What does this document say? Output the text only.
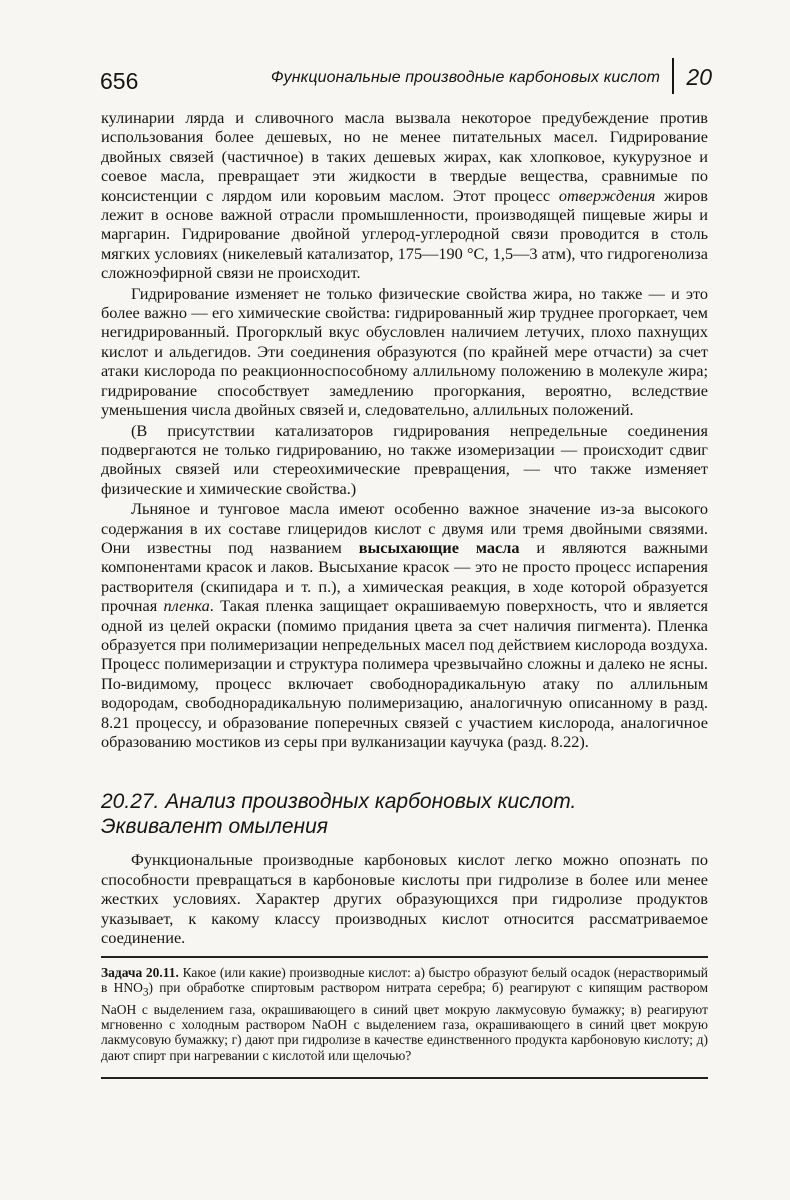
656	Функциональные производные карбоновых кислот 20

кулинарии лярда и сливочного масла вызвала некоторое предубеждение против использования более дешевых, но не менее питательных масел. Гидрирование двойных связей (частичное) в таких дешевых жирах, как хлопковое, кукурузное и соевое масла, превращает эти жидкости в твердые вещества, сравнимые по консистенции с лярдом или коровьим маслом. Этот процесс отверждения жиров лежит в основе важной отрасли промышленности, производящей пищевые жиры и маргарин. Гидрирование двойной углерод-углеродной связи проводится в столь мягких условиях (никелевый катализатор, 175—190 °C, 1,5—3 атм), что гидрогенолиза сложноэфирной связи не происходит.

Гидрирование изменяет не только физические свойства жира, но также — и это более важно — его химические свойства: гидрированный жир труднее прогоркает, чем негидрированный. Прогорклый вкус обусловлен наличием летучих, плохо пахнущих кислот и альдегидов. Эти соединения образуются (по крайней мере отчасти) за счет атаки кислорода по реакционноспособному аллильному положению в молекуле жира; гидрирование способствует замедлению прогоркания, вероятно, вследствие уменьшения числа двойных связей и, следовательно, аллильных положений.

(В присутствии катализаторов гидрирования непредельные соединения подвергаются не только гидрированию, но также изомеризации — происходит сдвиг двойных связей или стереохимические превращения, — что также изменяет физические и химические свойства.)

Льняное и тунговое масла имеют особенно важное значение из-за высокого содержания в их составе глицеридов кислот с двумя или тремя двойными связями. Они известны под названием высыхающие масла и являются важными компонентами красок и лаков. Высыхание красок — это не просто процесс испарения растворителя (скипидара и т. п.), а химическая реакция, в ходе которой образуется прочная пленка. Такая пленка защищает окрашиваемую поверхность, что и является одной из целей окраски (помимо придания цвета за счет наличия пигмента). Пленка образуется при полимеризации непредельных масел под действием кислорода воздуха. Процесс полимеризации и структура полимера чрезвычайно сложны и далеко не ясны. По-видимому, процесс включает свободнорадикальную атаку по аллильным водородам, свободнорадикальную полимеризацию, аналогичную описанному в разд. 8.21 процессу, и образование поперечных связей с участием кислорода, аналогичное образованию мостиков из серы при вулканизации каучука (разд. 8.22).

20.27. Анализ производных карбоновых кислот.
Эквивалент омыления

Функциональные производные карбоновых кислот легко можно опознать по способности превращаться в карбоновые кислоты при гидролизе в более или менее жестких условиях. Характер других образующихся при гидролизе продуктов указывает, к какому классу производных кислот относится рассматриваемое соединение.

Задача 20.11. Какое (или какие) производные кислот: а) быстро образуют белый осадок (нерастворимый в $HNO_3$) при обработке спиртовым раствором нитрата серебра; б) реагируют с кипящим раствором NaOH с выделением газа, окрашивающего в синий цвет мокрую лакмусовую бумажку; в) реагируют мгновенно с холодным раствором NaOH с выделением газа, окрашивающего в синий цвет мокрую лакмусовую бумажку; г) дают при гидролизе в качестве единственного продукта карбоновую кислоту; д) дают спирт при нагревании с кислотой или щелочью?
